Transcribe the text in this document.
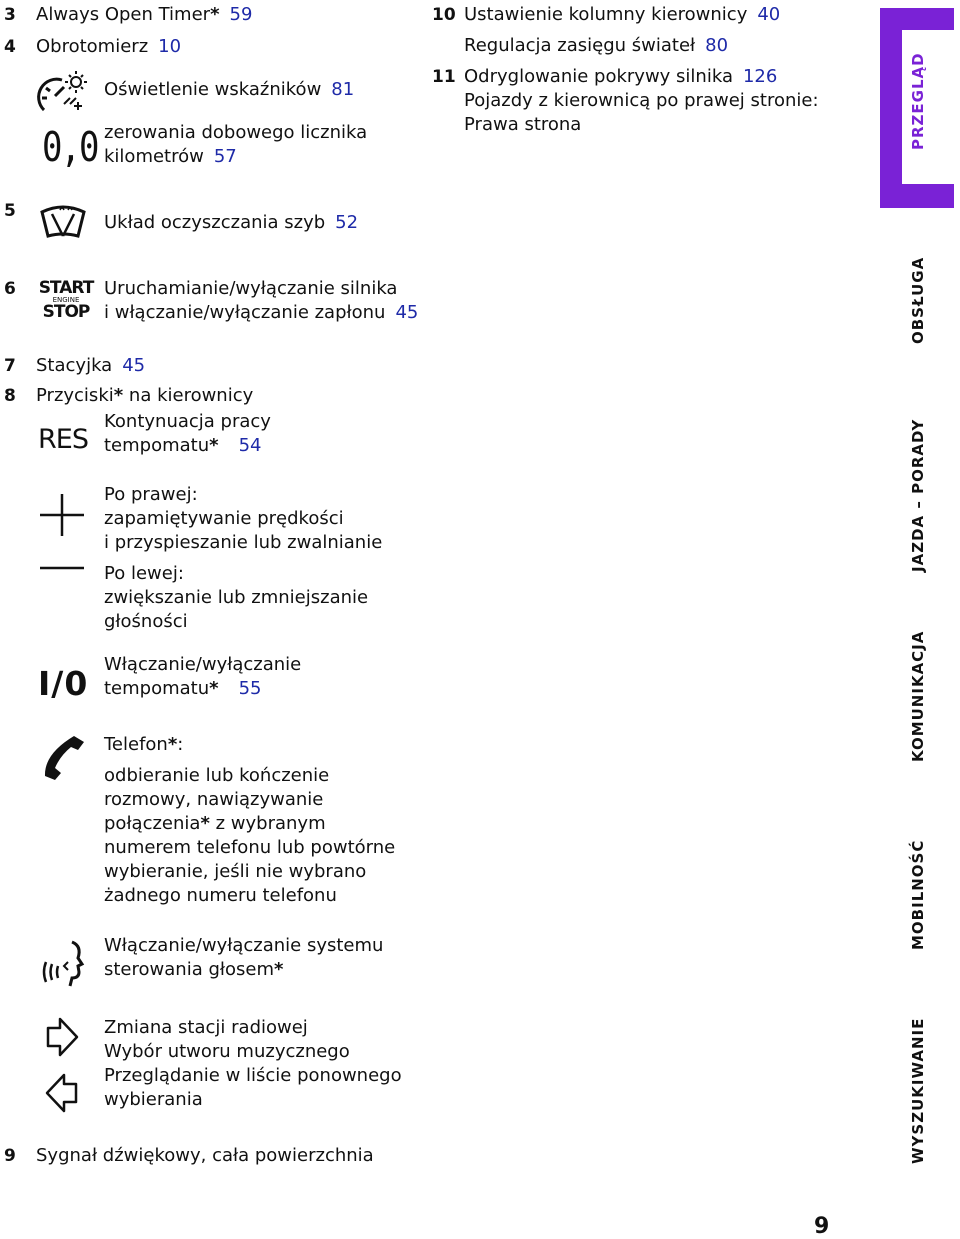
3 Always Open Timer* 59
4 Obrotomierz 10
Oświetlenie wskaźników 81
0,0 zerowania dobowego licznika
kilometrów 57
5
Układ oczyszczania szyb 52
6 START
ENGINE
STOP
Uruchamianie/wyłączanie silnika
i włączanie/wyłączanie zapłonu 45
7 Stacyjka 45
8 Przyciski* na kierownicy
RES
Kontynuacja pracy
tempomatu* 54
Po prawej:
zapamiętywanie prędkości
i przyspieszanie lub zwalnianie
Po lewej:
zwiększanie lub zmniejszanie
głośności
I/0 Włączanie/wyłączanie
tempomatu* 55
Telefon*:
odbieranie lub kończenie
rozmowy, nawiązywanie
połączenia* z wybranym
numerem telefonu lub powtórne
wybieranie, jeśli nie wybrano
żadnego numeru telefonu
Włączanie/wyłączanie systemu
sterowania głosem*
Zmiana stacji radiowej
Wybór utworu muzycznego
Przeglądanie w liście ponownego
wybierania
9 Sygnał dźwiękowy, cała powierzchnia
10 Ustawienie kolumny kierownicy 40
Regulacja zasięgu świateł 80
11 Odryglowanie pokrywy silnika 126
Pojazdy z kierownicą po prawej stronie:
Prawa strona	PRZEGLĄD
OBSŁUGA
JAZDA – PORADY
KOMUNIKACJA
MOBILNOŚĆ
WYSZUKIWANIE
9
